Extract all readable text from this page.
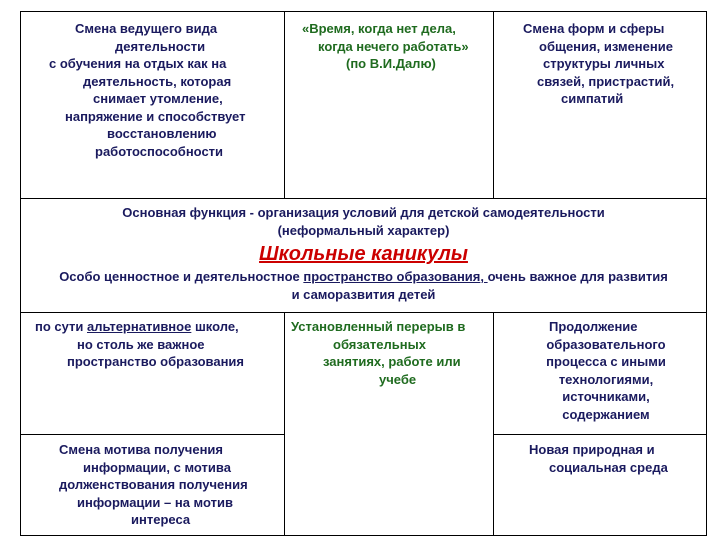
Смена ведущего вида
деятельности
с обучения на отдых как на
деятельность, которая
снимает утомление,
напряжение и способствует
восстановлению
работоспособности
«Время, когда нет дела,
когда нечего работать»
(по В.И.Далю)
Смена форм и сферы
общения, изменение
структуры личных
связей, пристрастий,
симпатий
Основная функция - организация условий для детской самодеятельности
(неформальный характер)
Школьные каникулы
Особо ценностное и деятельностное пространство образования, очень важное для развития
и саморазвития детей
по сути альтернативное школе,
но столь же важное
пространство образования
Установленный перерыв в
обязательных
занятиях, работе или
учебе
Продолжение
образовательного
процесса с иными
технологиями,
источниками,
содержанием
Смена мотива получения
информации, с мотива
долженствования получения
информации – на мотив
интереса
Новая природная и
социальная среда
